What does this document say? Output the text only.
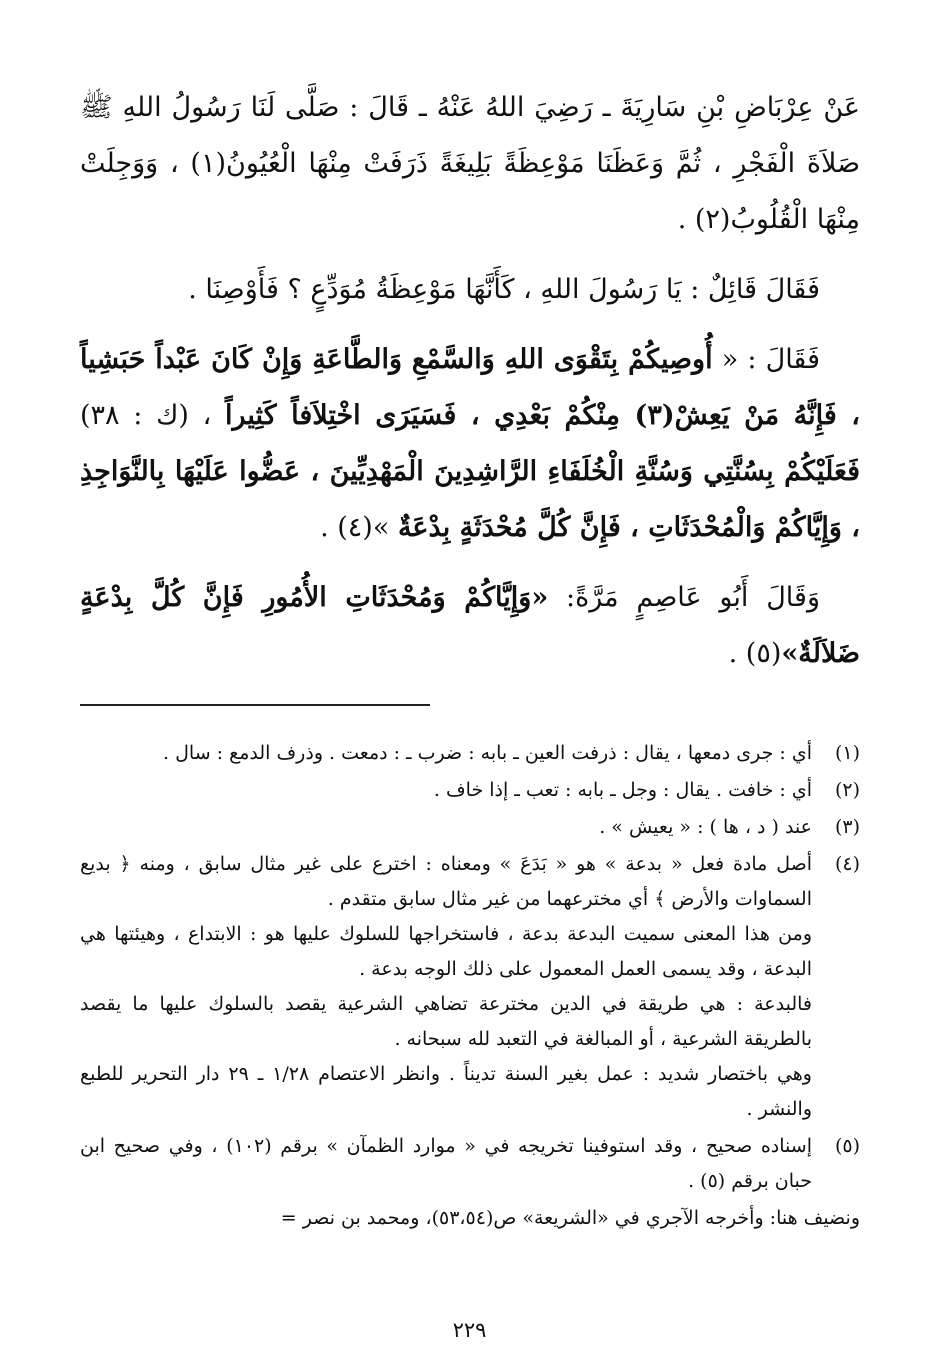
عَنْ عِرْبَاضِ بْنِ سَارِيَةَ ـ رَضِيَ اللهُ عَنْهُ ـ قَالَ : صَلَّى لَنَا رَسُولُ اللهِ ﷺ صَلاَةَ الْفَجْرِ ، ثُمَّ وَعَظَنَا مَوْعِظَةً بَلِيغَةً ذَرَفَتْ مِنْهَا الْعُيُونُ(١) ، وَوَجِلَتْ مِنْهَا الْقُلُوبُ(٢) .

فَقَالَ قَائِلٌ : يَا رَسُولَ اللهِ ، كَأَنَّهَا مَوْعِظَةُ مُوَدِّعٍ ؟ فَأَوْصِنَا .

فَقَالَ : « أُوصِيكُمْ بِتَقْوَى اللهِ وَالسَّمْعِ وَالطَّاعَةِ وَإِنْ كَانَ عَبْداً حَبَشِياً ، فَإِنَّهُ مَنْ يَعِشْ(٣) مِنْكُمْ بَعْدِي ، فَسَيَرَى اخْتِلاَفاً كَثِيراً ، (ك : ٣٨) فَعَلَيْكُمْ بِسُنَّتِي وَسُنَّةِ الْخُلَفَاءِ الرَّاشِدِينَ الْمَهْدِيِّينَ ، عَضُّوا عَلَيْهَا بِالنَّوَاجِذِ ، وَإِيَّاكُمْ وَالْمُحْدَثَاتِ ، فَإِنَّ كُلَّ مُحْدَثَةٍ بِدْعَةٌ »(٤) .

وَقَالَ أَبُو عَاصِمٍ مَرَّةً: «وَإِيَّاكُمْ وَمُحْدَثَاتِ الأُمُورِ فَإِنَّ كُلَّ بِدْعَةٍ ضَلاَلَةٌ»(٥) .

(١)

أي : جرى دمعها ، يقال : ذرفت العين ـ بابه : ضرب ـ : دمعت . وذرف الدمع : سال .

(٢)

أي : خافت . يقال : وجل ـ بابه : تعب ـ إذا خاف .

(٣)

عند ( د ، ها ) : « يعيش » .

(٤)

أصل مادة فعل « بدعة » هو « بَدَعَ » ومعناه : اخترع على غير مثال سابق ، ومنه ﴿ بديع السماوات والأرض ﴾ أي مخترعهما من غير مثال سابق متقدم .

ومن هذا المعنى سميت البدعة بدعة ، فاستخراجها للسلوك عليها هو : الابتداع ، وهيئتها هي البدعة ، وقد يسمى العمل المعمول على ذلك الوجه بدعة .

فالبدعة : هي طريقة في الدين مخترعة تضاهي الشرعية يقصد بالسلوك عليها ما يقصد بالطريقة الشرعية ، أو المبالغة في التعبد لله سبحانه .

وهي باختصار شديد : عمل بغير السنة تديناً . وانظر الاعتصام ١/٢٨ ـ ٢٩ دار التحرير للطبع والنشر .

(٥)

إسناده صحيح ، وقد استوفينا تخريجه في « موارد الظمآن » برقم (١٠٢) ، وفي صحيح ابن حبان برقم (٥) .

ونضيف هنا: وأخرجه الآجري في «الشريعة» ص(٥٣،٥٤)، ومحمد بن نصر =

٢٢٩
